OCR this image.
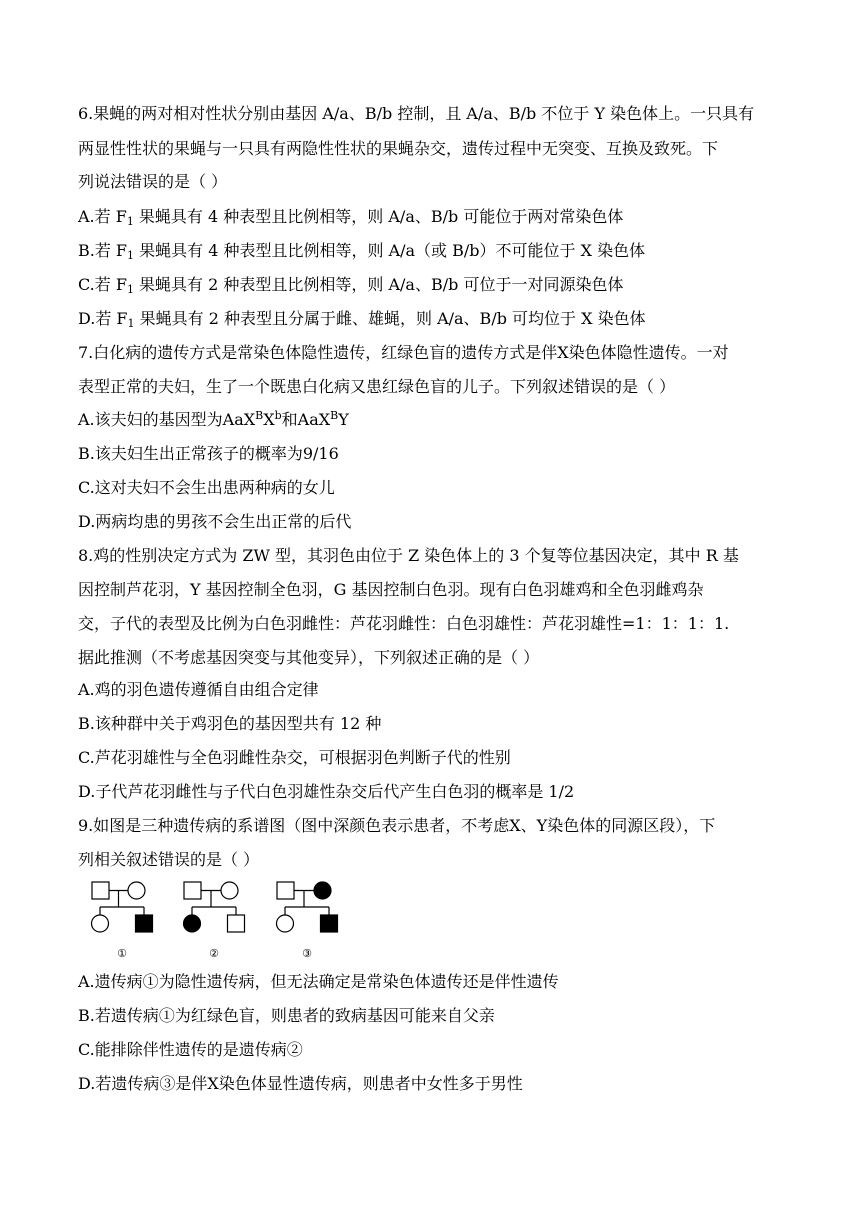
6.果蝇的两对相对性状分别由基因 A/a、B/b 控制，且 A/a、B/b 不位于 Y 染色体上。一只具有
两显性性状的果蝇与一只具有两隐性性状的果蝇杂交，遗传过程中无突变、互换及致死。下
列说法错误的是（ ）
A.若 $F_1$ 果蝇具有 4 种表型且比例相等，则 A/a、B/b 可能位于两对常染色体
B.若 $F_1$ 果蝇具有 4 种表型且比例相等，则 A/a（或 B/b）不可能位于 X 染色体
C.若 $F_1$ 果蝇具有 2 种表型且比例相等，则 A/a、B/b 可位于一对同源染色体
D.若 $F_1$ 果蝇具有 2 种表型且分属于雌、雄蝇，则 A/a、B/b 可均位于 X 染色体
7.白化病的遗传方式是常染色体隐性遗传，红绿色盲的遗传方式是伴X染色体隐性遗传。一对
表型正常的夫妇，生了一个既患白化病又患红绿色盲的儿子。下列叙述错误的是（ ）
A.该夫妇的基因型为$AaX^BX^b$和AaX$^B$Y
B.该夫妇生出正常孩子的概率为9/16
C.这对夫妇不会生出患两种病的女儿
D.两病均患的男孩不会生出正常的后代
8.鸡的性别决定方式为 ZW 型，其羽色由位于 Z 染色体上的 3 个复等位基因决定，其中 R 基
因控制芦花羽，Y 基因控制全色羽，G 基因控制白色羽。现有白色羽雄鸡和全色羽雌鸡杂
交，子代的表型及比例为白色羽雌性：芦花羽雌性：白色羽雄性：芦花羽雄性=1：1：1：1.
据此推测（不考虑基因突变与其他变异），下列叙述正确的是（ ）
A.鸡的羽色遗传遵循自由组合定律
B.该种群中关于鸡羽色的基因型共有 12 种
C.芦花羽雄性与全色羽雌性杂交，可根据羽色判断子代的性别
D.子代芦花羽雌性与子代白色羽雄性杂交后代产生白色羽的概率是 1/2
9.如图是三种遗传病的系谱图（图中深颜色表示患者，不考虑X、Y染色体的同源区段），下
列相关叙述错误的是（ ）
①	②	③
A.遗传病①为隐性遗传病，但无法确定是常染色体遗传还是伴性遗传
B.若遗传病①为红绿色盲，则患者的致病基因可能来自父亲
C.能排除伴性遗传的是遗传病②
D.若遗传病③是伴X染色体显性遗传病，则患者中女性多于男性
